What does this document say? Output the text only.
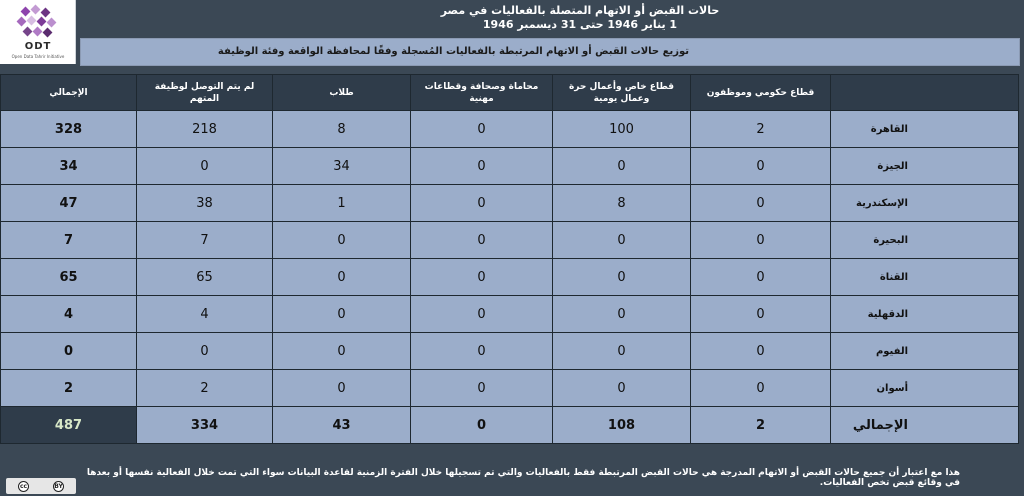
ODT
Open Data Tahrir Initiative
حالات القبض أو الاتهام المتصلة بالفعاليات في مصر
1 يناير 1946 حتى 31 ديسمبر 1946
توزيع حالات القبض أو الاتهام المرتبطة بالفعاليات المُسجلة وفقًا لمحافظة الواقعة وفئة الوظيفة
الإجمالي	لم يتم التوصل لوظيفة المتهم	طلاب	محاماة وصحافة وقطاعات مهنية	قطاع خاص وأعمال حرة وعمال يومية	قطاع حكومي وموظفون	
328	218	8	0	100	2	القاهرة
34	0	34	0	0	0	الجيزة
47	38	1	0	8	0	الإسكندرية
7	7	0	0	0	0	البحيرة
65	65	0	0	0	0	القناة
4	4	0	0	0	0	الدقهلية
0	0	0	0	0	0	الفيوم
2	2	0	0	0	0	أسوان
487	334	43	0	108	2	الإجمالي
هذا مع اعتبار أن جميع حالات القبض أو الاتهام المدرجة هي حالات القبض المرتبطة فقط بالفعاليات والتي تم تسجيلها خلال الفترة الزمنية لقاعدة البيانات سواء التي تمت خلال الفعالية نفسها أو بعدها في وقائع قبض تخص الفعاليات.
cc	BY
